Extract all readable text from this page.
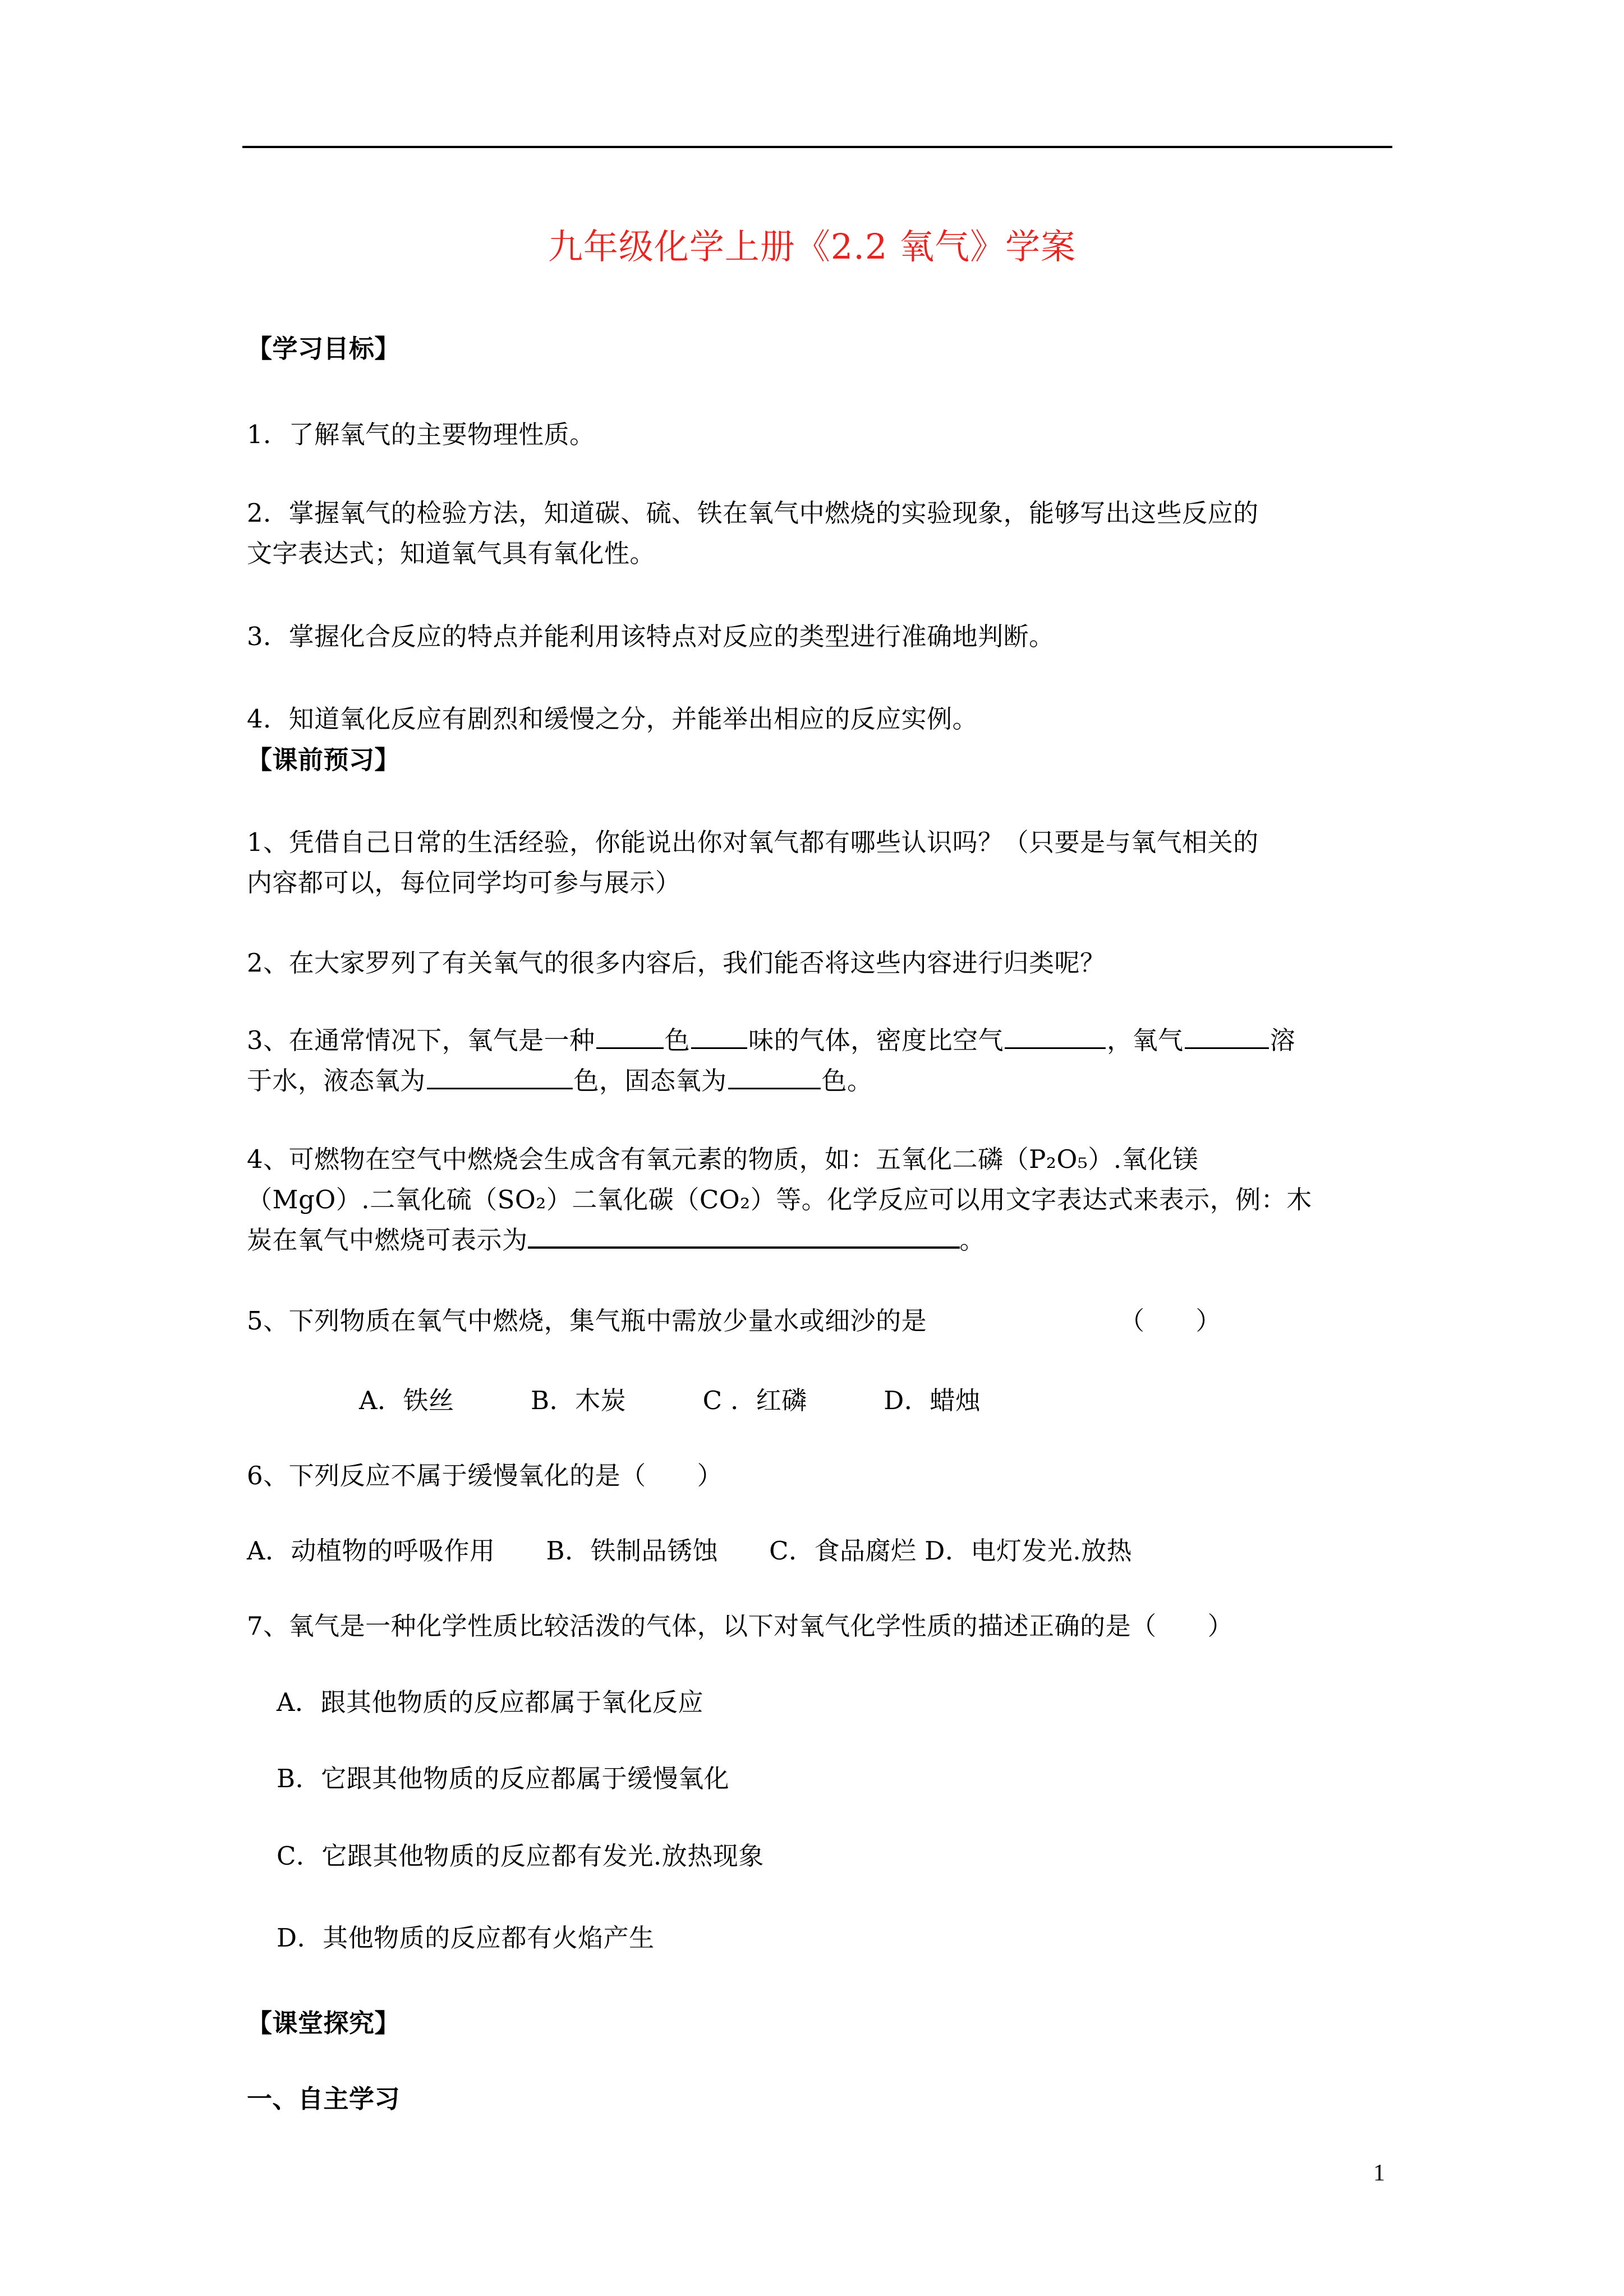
九年级化学上册《2.2 氧气》学案
【学习目标】
1．了解氧气的主要物理性质。
2．掌握氧气的检验方法，知道碳、硫、铁在氧气中燃烧的实验现象，能够写出这些反应的
文字表达式；知道氧气具有氧化性。
3．掌握化合反应的特点并能利用该特点对反应的类型进行准确地判断。
4．知道氧化反应有剧烈和缓慢之分，并能举出相应的反应实例。
【课前预习】
1、凭借自己日常的生活经验，你能说出你对氧气都有哪些认识吗？（只要是与氧气相关的
内容都可以，每位同学均可参与展示）
2、在大家罗列了有关氧气的很多内容后，我们能否将这些内容进行归类呢？
3、在通常情况下，氧气是一种	色 味的气体，密度比空气	，氧气	溶
于水，液态氧为	色，固态氧为	色。
4、可燃物在空气中燃烧会生成含有氧元素的物质，如：五氧化二磷（P₂O₅）.氧化镁
（MgO）.二氧化硫（SO₂）二氧化碳（CO₂）等。化学反应可以用文字表达式来表示，例：木
炭在氧气中燃烧可表示为	。
5、下列物质在氧气中燃烧，集气瓶中需放少量水或细沙的是	（　　）
A．铁丝　　　B．木炭　　　C ．红磷　　　D．蜡烛
6、下列反应不属于缓慢氧化的是（　　）
A．动植物的呼吸作用　　B．铁制品锈蚀　　C．食品腐烂 D．电灯发光.放热
7、氧气是一种化学性质比较活泼的气体，以下对氧气化学性质的描述正确的是（　　）
A．跟其他物质的反应都属于氧化反应
B．它跟其他物质的反应都属于缓慢氧化
C．它跟其他物质的反应都有发光.放热现象
D．其他物质的反应都有火焰产生
【课堂探究】
一、自主学习
1
